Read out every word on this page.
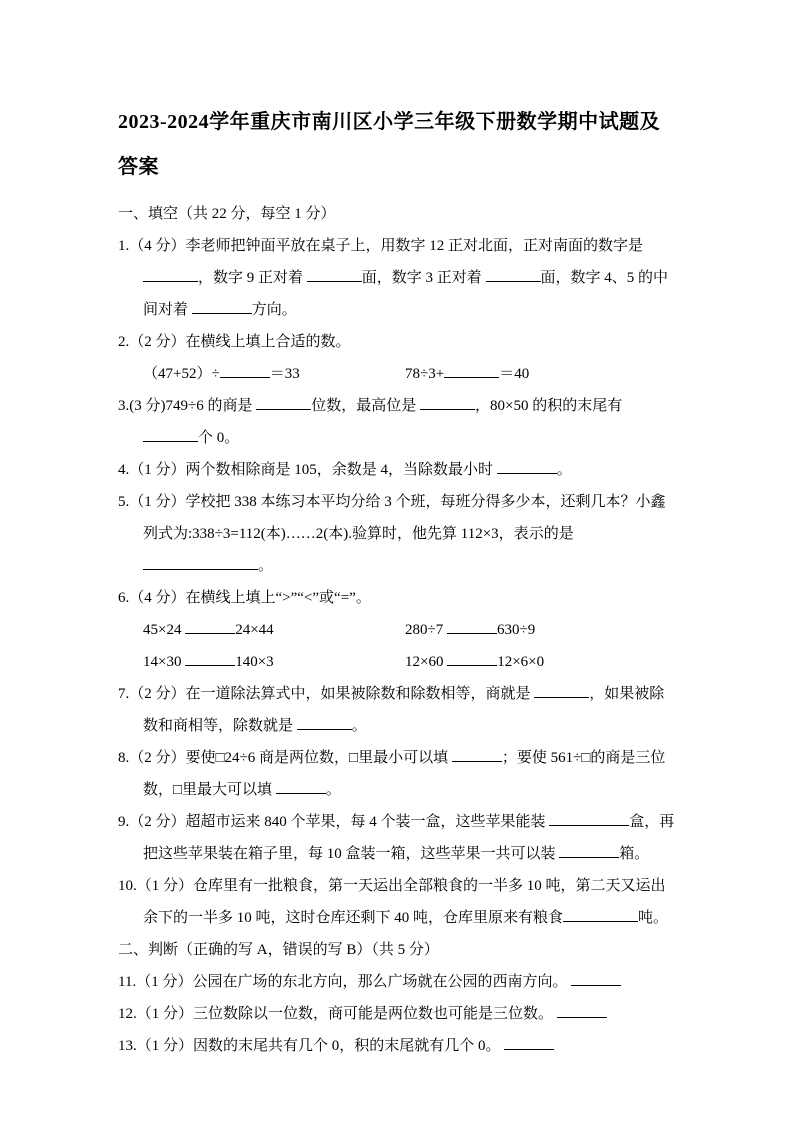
2023-2024学年重庆市南川区小学三年级下册数学期中试题及答案

一、填空（共 22 分，每空 1 分）

1.（4 分）李老师把钟面平放在桌子上，用数字 12 正对北面，正对南面的数字是 ，数字 9 正对着	面，数字 3 正对着	面，数字 4、5 的中间对着	方向。

2.（2 分）在横线上填上合适的数。

（47+52）÷	＝33	78÷3+	＝40

3.(3 分)749÷6 的商是	位数，最高位是	，80×50 的积的末尾有 个 0。

4.（1 分）两个数相除商是 105，余数是 4，当除数最小时	。

5.（1 分）学校把 338 本练习本平均分给 3 个班，每班分得多少本，还剩几本？小鑫列式为:338÷3=112(本)……2(本).验算时，他先算 112×3，表示的是 。

6.（4 分）在横线上填上“>”“<”或“=”。

45×24	24×44	280÷7	630÷9

14×30	140×3	12×60	12×6×0

7.（2 分）在一道除法算式中，如果被除数和除数相等，商就是	，如果被除数和商相等，除数就是	。

8.（2 分）要使□24÷6 商是两位数，□里最小可以填	；要使 561÷□的商是三位数，□里最大可以填	。

9.（2 分）超超市运来 840 个苹果，每 4 个装一盒，这些苹果能装	盒，再把这些苹果装在箱子里，每 10 盒装一箱，这些苹果一共可以装	箱。

10.（1 分）仓库里有一批粮食，第一天运出全部粮食的一半多 10 吨，第二天又运出余下的一半多 10 吨，这时仓库还剩下 40 吨，仓库里原来有粮食	吨。

二、判断（正确的写 A，错误的写 B）（共 5 分）

11.（1 分）公园在广场的东北方向，那么广场就在公园的西南方向。

12.（1 分）三位数除以一位数，商可能是两位数也可能是三位数。

13.（1 分）因数的末尾共有几个 0，积的末尾就有几个 0。
